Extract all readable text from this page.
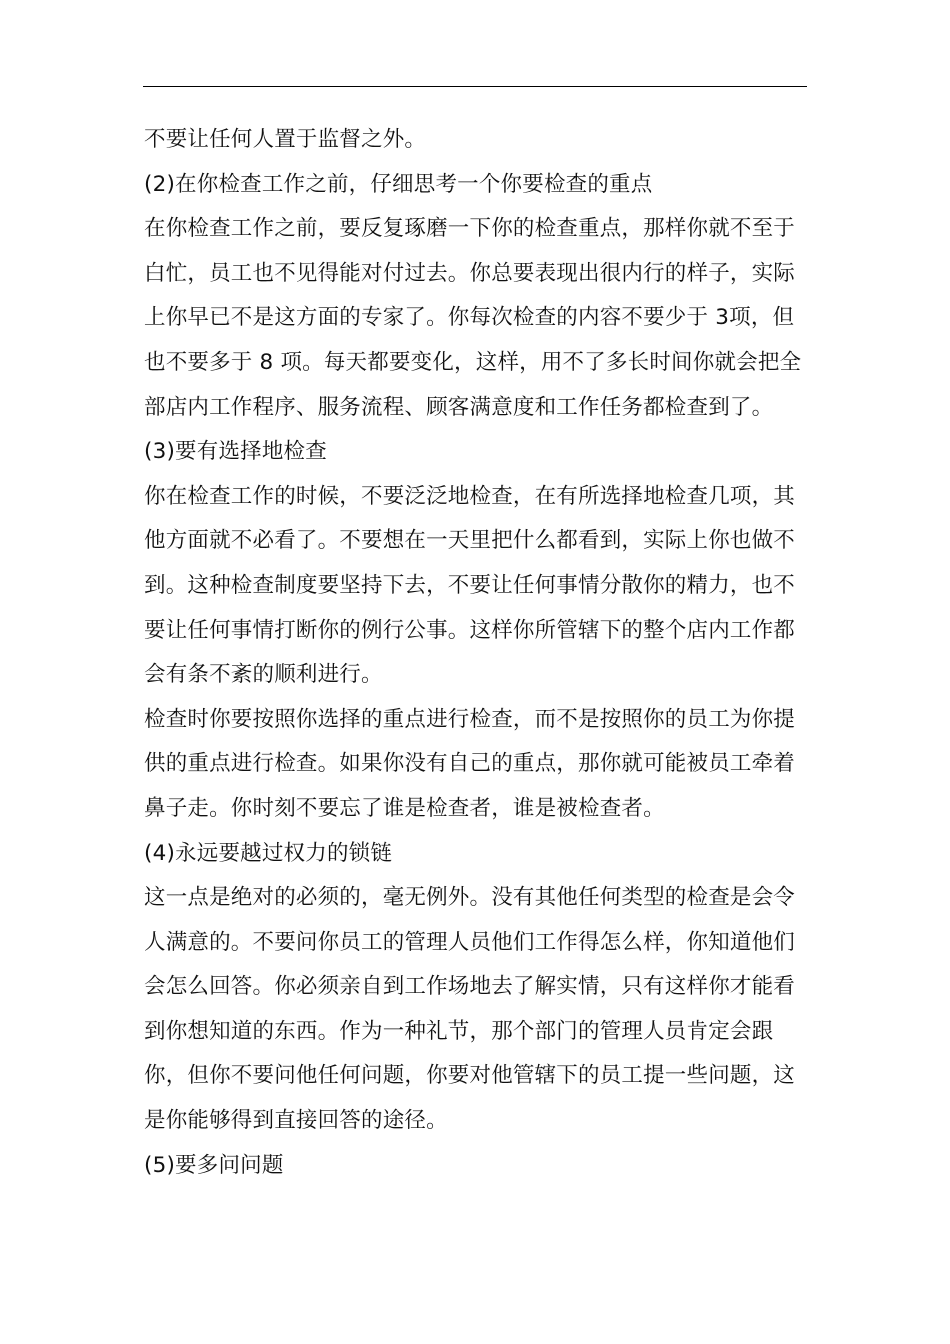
不要让任何人置于监督之外。

(2)在你检查工作之前，仔细思考一个你要检查的重点

在你检查工作之前，要反复琢磨一下你的检查重点，那样你就不至于白忙，员工也不见得能对付过去。你总要表现出很内行的样子，实际上你早已不是这方面的专家了。你每次检查的内容不要少于 3项，但也不要多于 8 项。每天都要变化，这样，用不了多长时间你就会把全部店内工作程序、服务流程、顾客满意度和工作任务都检查到了。

(3)要有选择地检查

你在检查工作的时候，不要泛泛地检查，在有所选择地检查几项，其他方面就不必看了。不要想在一天里把什么都看到，实际上你也做不到。这种检查制度要坚持下去，不要让任何事情分散你的精力，也不要让任何事情打断你的例行公事。这样你所管辖下的整个店内工作都会有条不紊的顺利进行。

检查时你要按照你选择的重点进行检查，而不是按照你的员工为你提供的重点进行检查。如果你没有自己的重点，那你就可能被员工牵着鼻子走。你时刻不要忘了谁是检查者，谁是被检查者。

(4)永远要越过权力的锁链

这一点是绝对的必须的，毫无例外。没有其他任何类型的检查是会令人满意的。不要问你员工的管理人员他们工作得怎么样，你知道他们会怎么回答。你必须亲自到工作场地去了解实情，只有这样你才能看到你想知道的东西。作为一种礼节，那个部门的管理人员肯定会跟你，但你不要问他任何问题，你要对他管辖下的员工提一些问题，这是你能够得到直接回答的途径。

(5)要多问问题
